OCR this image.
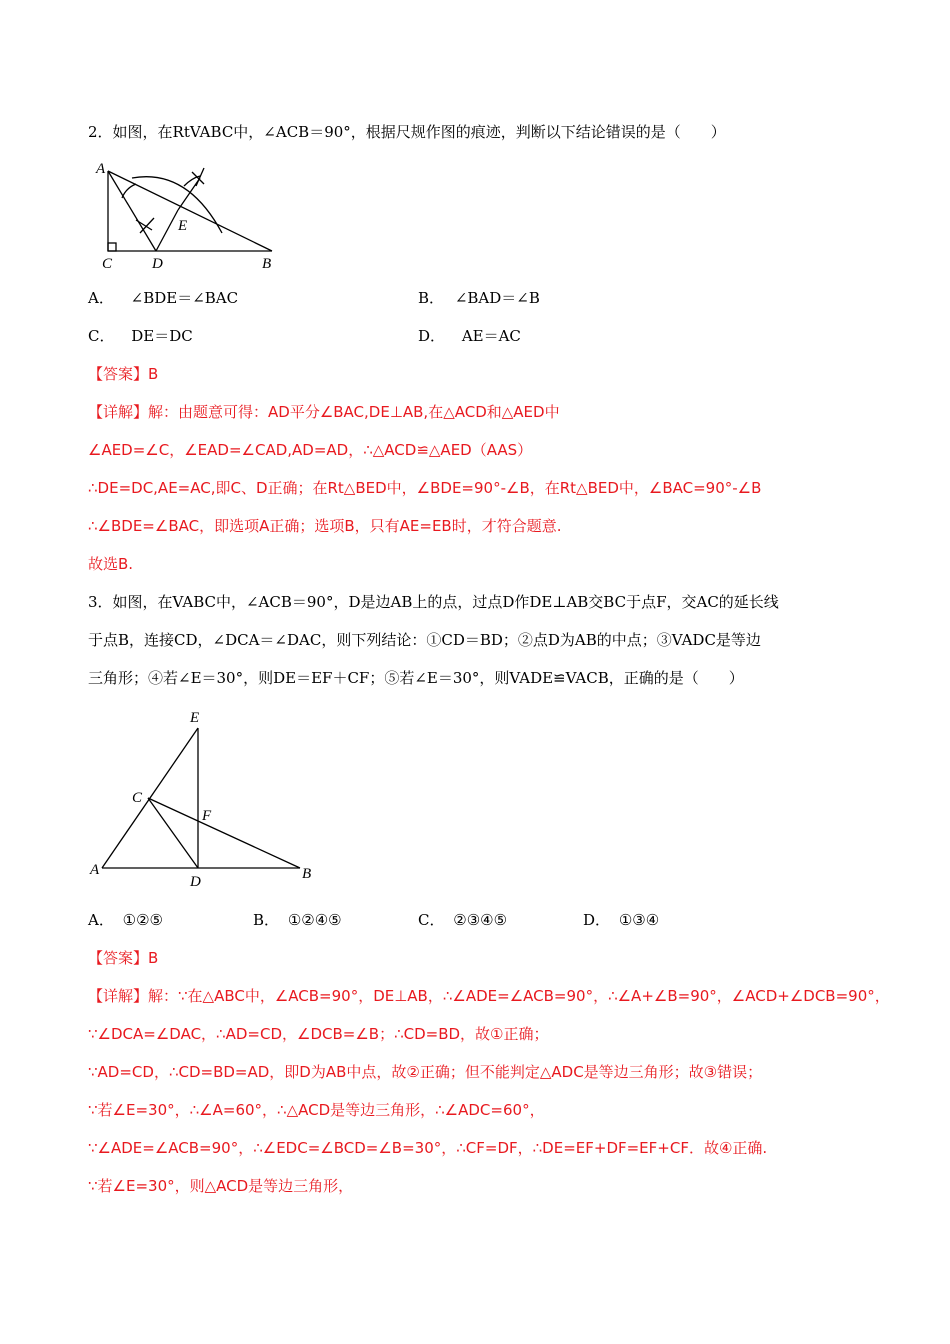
2．如图，在RtVABC中，∠ACB＝90°，根据尺规作图的痕迹，判断以下结论错误的是（　　）
A
C	D
E
B
A． ∠BDE＝∠BAC	B． ∠BAD＝∠B
C． DE＝DC	D． AE＝AC
【答案】B
【详解】解：由题意可得：AD平分∠BAC,DE⊥AB,在△ACD和△AED中
∠AED=∠C，∠EAD=∠CAD,AD=AD，∴△ACD≌△AED（AAS）
∴DE=DC,AE=AC,即C、D正确；在Rt△BED中，∠BDE=90°-∠B，在Rt△BED中，∠BAC=90°-∠B
∴∠BDE=∠BAC，即选项A正确；选项B，只有AE=EB时，才符合题意.
故选B.
3．如图，在VABC中，∠ACB＝90°，D是边AB上的点，过点D作DE⊥AB交BC于点F，交AC的延长线
于点B，连接CD，∠DCA＝∠DAC，则下列结论：①CD＝BD；②点D为AB的中点；③VADC是等边
三角形；④若∠E＝30°，则DE＝EF＋CF；⑤若∠E＝30°，则VADE≌VACB，正确的是（　　）
E
C
F
A
D	B
A． ①②⑤	B． ①②④⑤	C． ②③④⑤	D． ①③④
【答案】B
【详解】解：∵在△ABC中，∠ACB=90°，DE⊥AB，∴∠ADE=∠ACB=90°，∴∠A+∠B=90°，∠ACD+∠DCB=90°，
∵∠DCA=∠DAC，∴AD=CD，∠DCB=∠B；∴CD=BD，故①正确；
∵AD=CD，∴CD=BD=AD，即D为AB中点，故②正确；但不能判定△ADC是等边三角形；故③错误；
∵若∠E=30°，∴∠A=60°，∴△ACD是等边三角形，∴∠ADC=60°，
∵∠ADE=∠ACB=90°，∴∠EDC=∠BCD=∠B=30°，∴CF=DF，∴DE=EF+DF=EF+CF．故④正确.
∵若∠E=30°，则△ACD是等边三角形，
